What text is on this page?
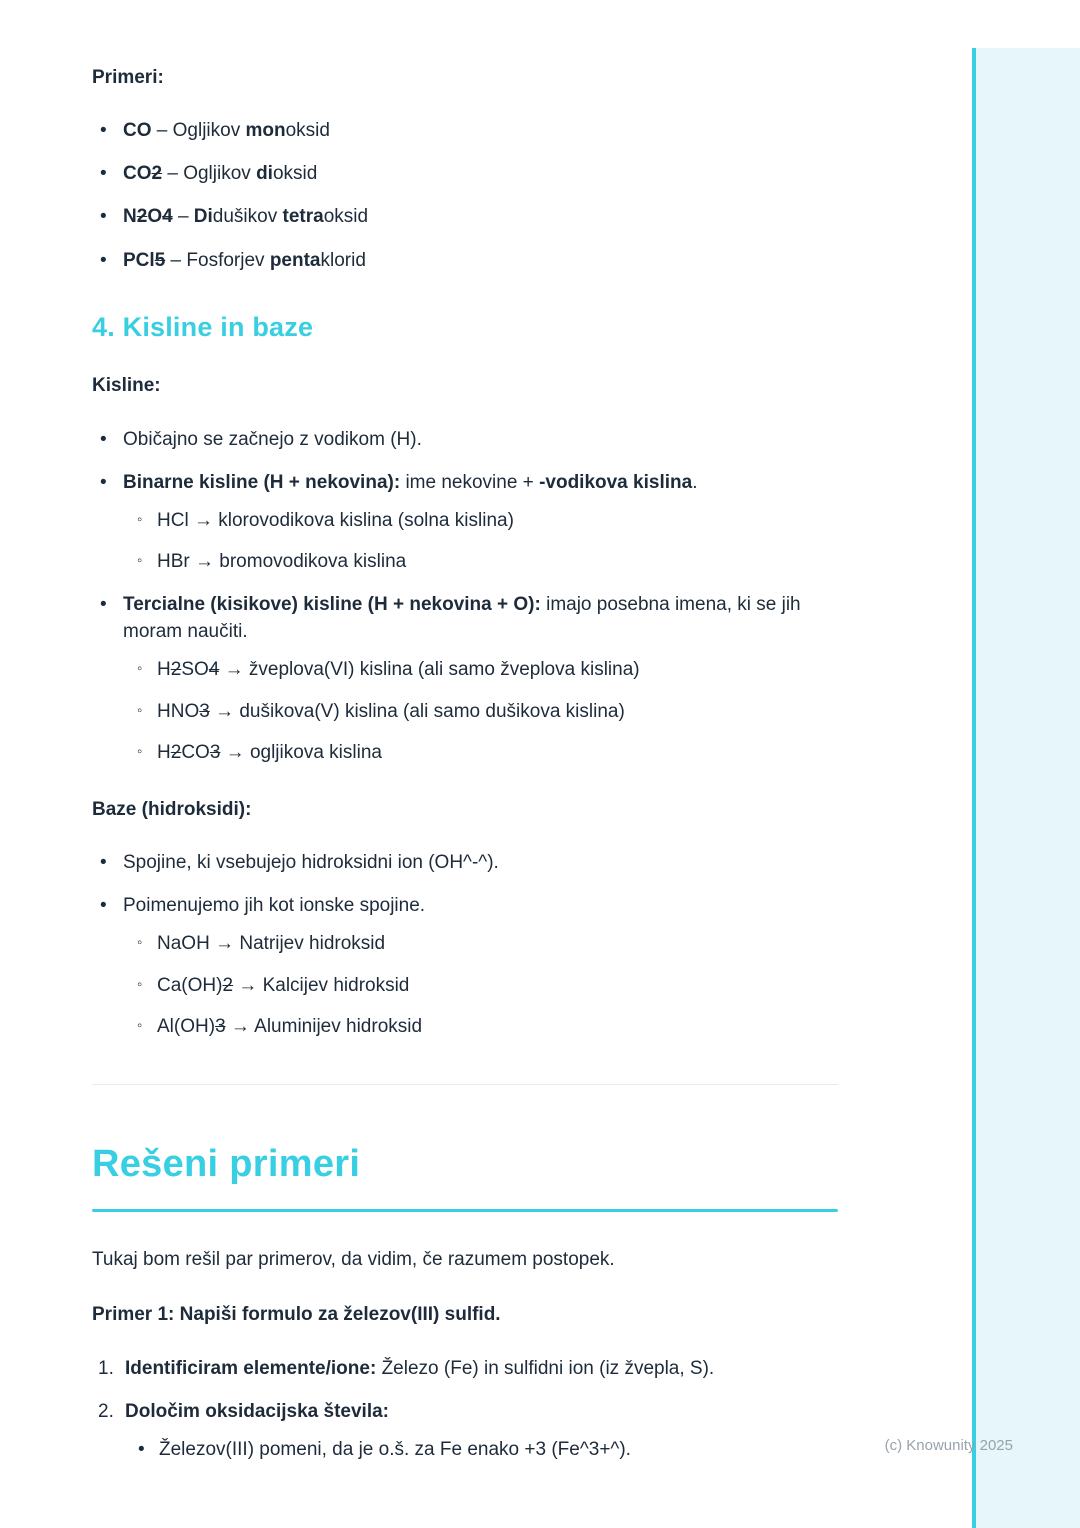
Primeri:

• CO – Ogljikov monoksid
• CO2 – Ogljikov dioksid
• N2O4 – Didušikov tetraoksid
• PCl5 – Fosforjev pentaklorid
4. Kisline in baze

Kisline:

• Običajno se začnejo z vodikom (H).
• Binarne kisline (H + nekovina): ime nekovine + -vodikova kislina.
◦ HCl → klorovodikova kislina (solna kislina)
◦ HBr → bromovodikova kislina
• Tercialne (kisikove) kisline (H + nekovina + O): imajo posebna imena, ki se jih moram naučiti.
◦ H2SO4 → žveplova(VI) kislina (ali samo žveplova kislina)
◦ HNO3 → dušikova(V) kislina (ali samo dušikova kislina)
◦ H2CO3 → ogljikova kislina

Baze (hidroksidi):

• Spojine, ki vsebujejo hidroksidni ion (OH^-^).
• Poimenujemo jih kot ionske spojine.
◦ NaOH → Natrijev hidroksid
◦ Ca(OH)2 → Kalcijev hidroksid
◦ Al(OH)3 → Aluminijev hidroksid
Rešeni primeri

Tukaj bom rešil par primerov, da vidim, če razumem postopek.

Primer 1: Napiši formulo za železov(III) sulfid.

1. Identificiram elemente/ione: Železo (Fe) in sulfidni ion (iz žvepla, S).
2. Določim oksidacijska števila:
• Železov(III) pomeni, da je o.š. za Fe enako +3 (Fe^3+^).	(c) Knowunity 2025
